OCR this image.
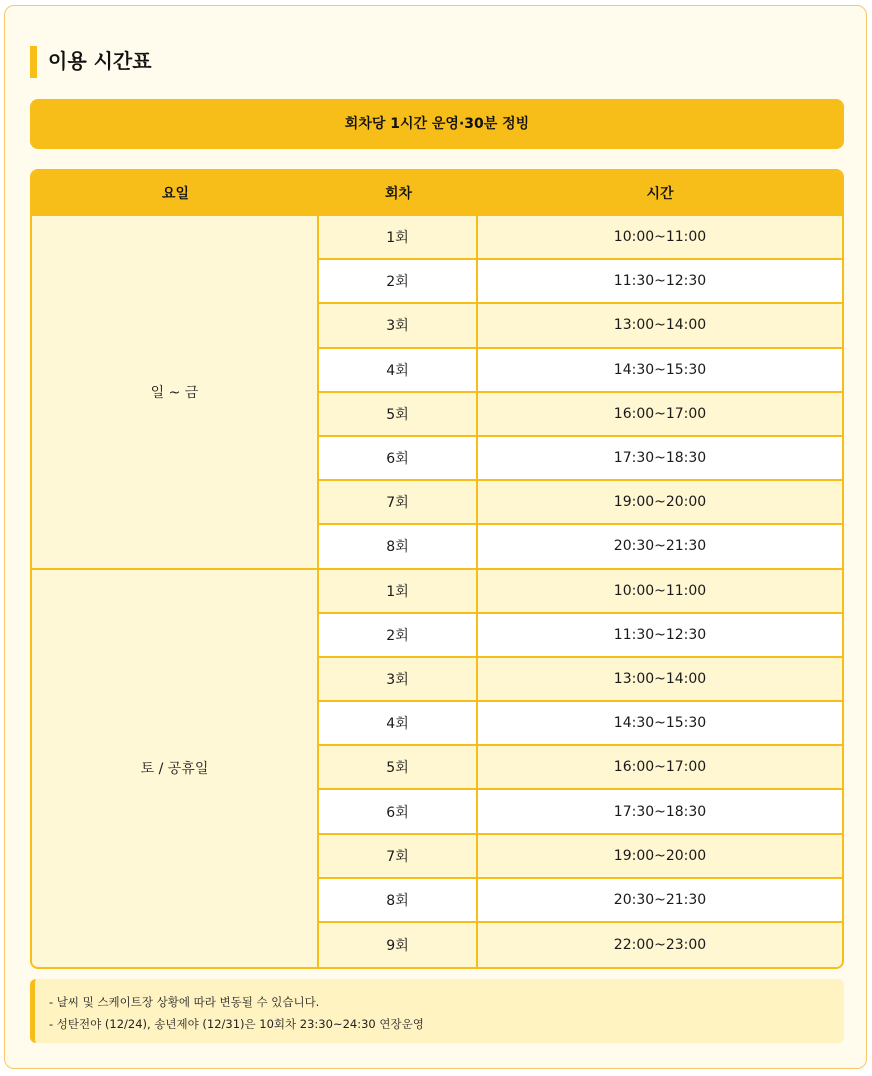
이용 시간표
회차당 1시간 운영·30분 정빙
요일	회차	시간
일 ~ 금	1회	10:00~11:00
	2회	11:30~12:30
	3회	13:00~14:00
	4회	14:30~15:30
	5회	16:00~17:00
	6회	17:30~18:30
	7회	19:00~20:00
	8회	20:30~21:30
토 / 공휴일	1회	10:00~11:00
	2회	11:30~12:30
	3회	13:00~14:00
	4회	14:30~15:30
	5회	16:00~17:00
	6회	17:30~18:30
	7회	19:00~20:00
	8회	20:30~21:30
	9회	22:00~23:00
- 날씨 및 스케이트장 상황에 따라 변동될 수 있습니다.
- 성탄전야 (12/24), 송년제야 (12/31)은 10회차 23:30~24:30 연장운영
